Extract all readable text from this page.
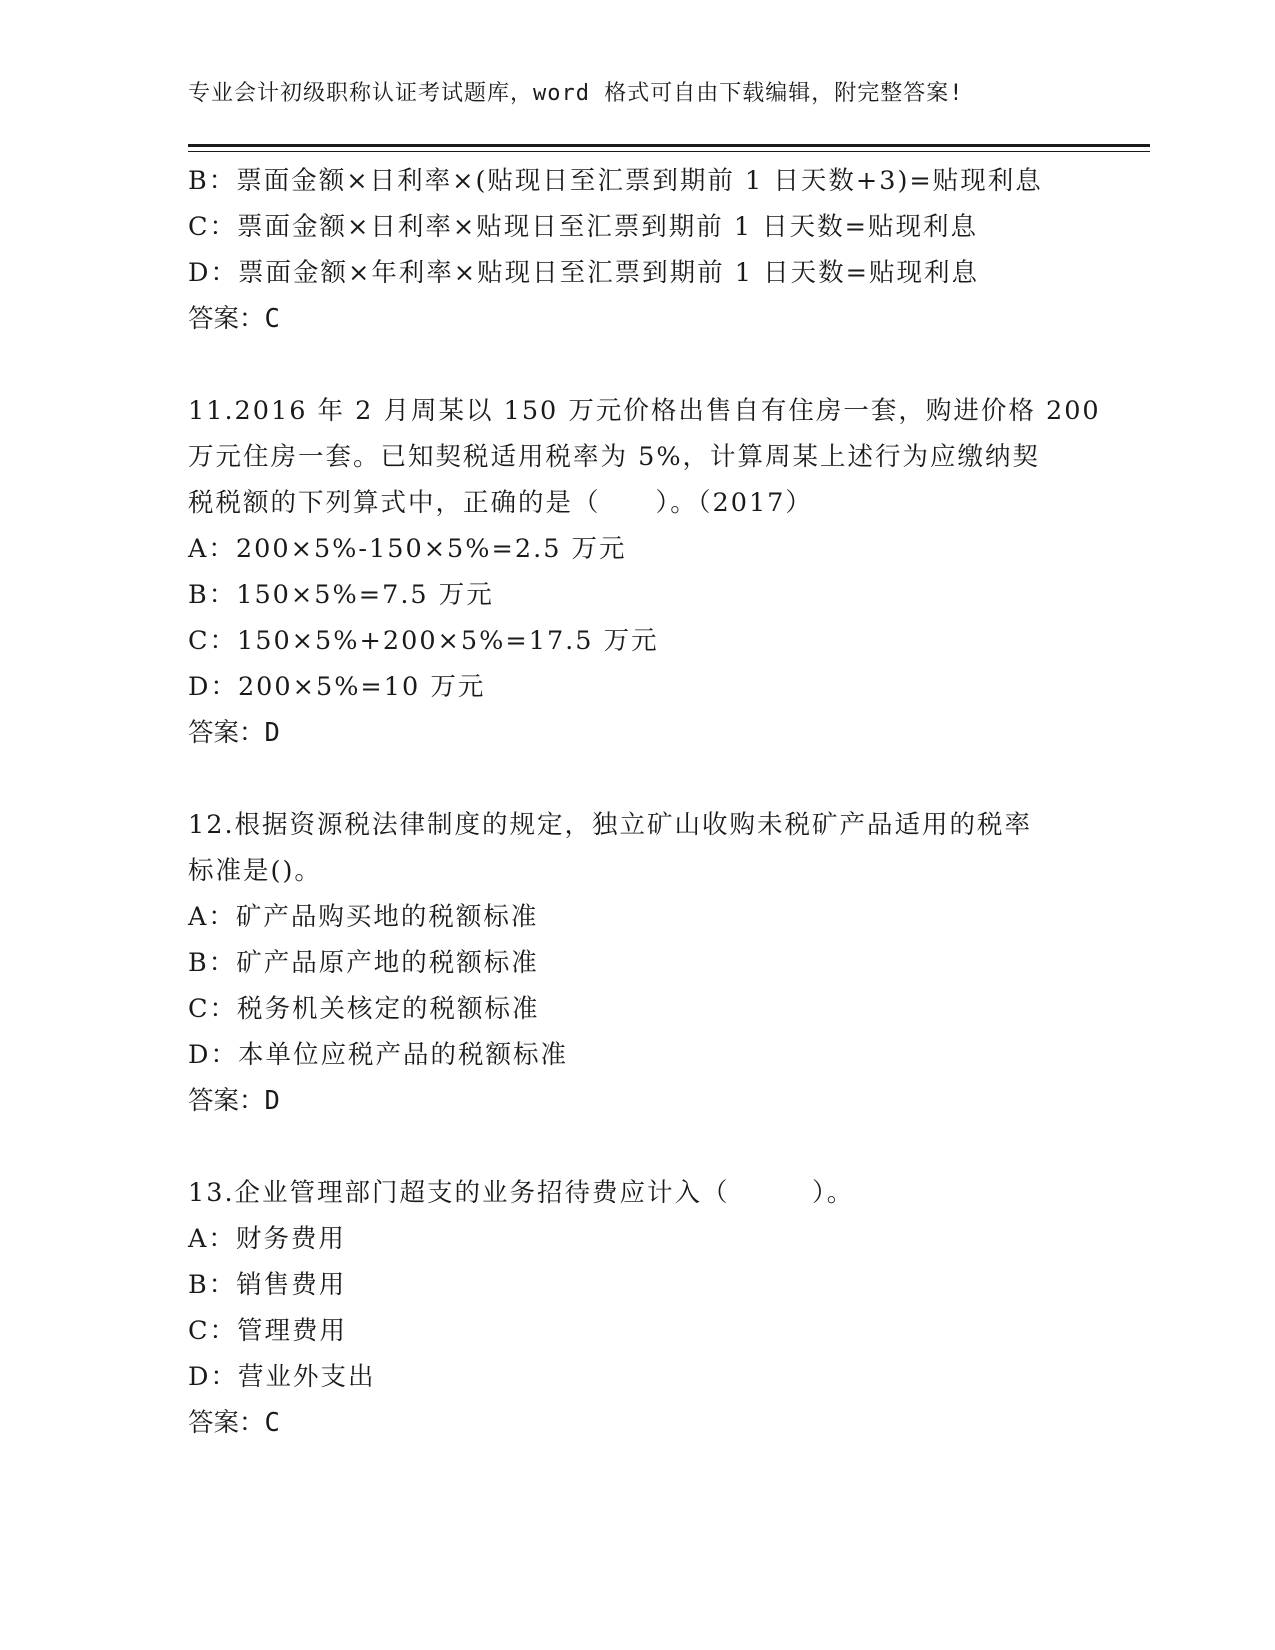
专业会计初级职称认证考试题库，word 格式可自由下载编辑，附完整答案!
B：票面金额×日利率×(贴现日至汇票到期前 1 日天数+3)=贴现利息
C：票面金额×日利率×贴现日至汇票到期前 1 日天数=贴现利息
D：票面金额×年利率×贴现日至汇票到期前 1 日天数=贴现利息
答案：C
11.2016 年 2 月周某以 150 万元价格出售自有住房一套，购进价格 200
万元住房一套。已知契税适用税率为 5%，计算周某上述行为应缴纳契
税税额的下列算式中，正确的是（　　）。（2017）
A：200×5%-150×5%=2.5 万元
B：150×5%=7.5 万元
C：150×5%+200×5%=17.5 万元
D：200×5%=10 万元
答案：D
12.根据资源税法律制度的规定，独立矿山收购未税矿产品适用的税率
标准是()。
A：矿产品购买地的税额标准
B：矿产品原产地的税额标准
C：税务机关核定的税额标准
D：本单位应税产品的税额标准
答案：D
13.企业管理部门超支的业务招待费应计入（　　　）。
A：财务费用
B：销售费用
C：管理费用
D：营业外支出
答案：C
